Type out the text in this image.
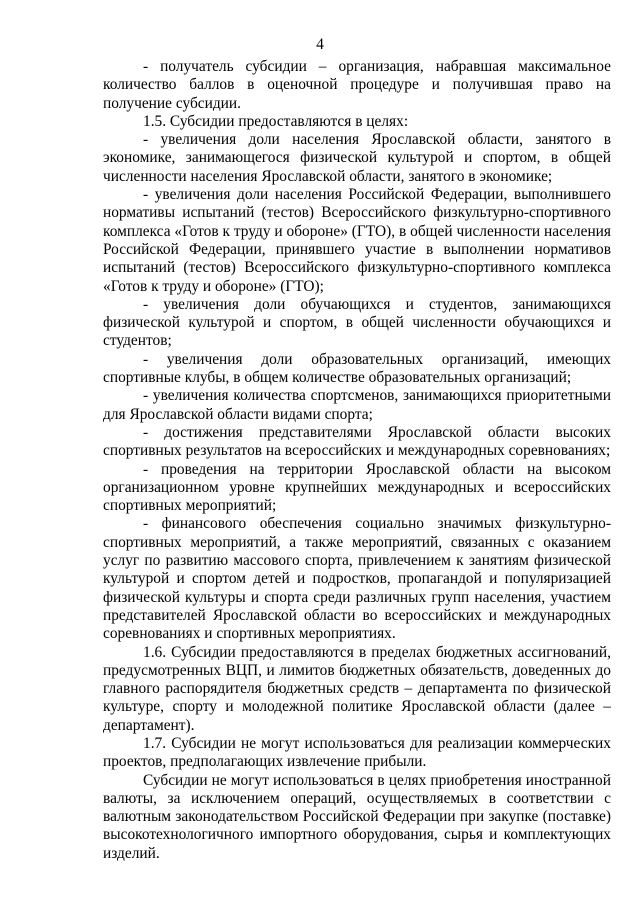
4

- получатель субсидии – организация, набравшая максимальное количество баллов в оценочной процедуре и получившая право на получение субсидии.

1.5. Субсидии предоставляются в целях:

- увеличения доли населения Ярославской области, занятого в экономике, занимающегося физической культурой и спортом, в общей численности населения Ярославской области, занятого в экономике;

- увеличения доли населения Российской Федерации, выполнившего нормативы испытаний (тестов) Всероссийского физкультурно-спортивного комплекса «Готов к труду и обороне» (ГТО), в общей численности населения Российской Федерации, принявшего участие в выполнении нормативов испытаний (тестов) Всероссийского физкультурно-спортивного комплекса «Готов к труду и обороне» (ГТО);

- увеличения доли обучающихся и студентов, занимающихся физической культурой и спортом, в общей численности обучающихся и студентов;

- увеличения доли образовательных организаций, имеющих спортивные клубы, в общем количестве образовательных организаций;

- увеличения количества спортсменов, занимающихся приоритетными для Ярославской области видами спорта;

- достижения представителями Ярославской области высоких спортивных результатов на всероссийских и международных соревнованиях;

- проведения на территории Ярославской области на высоком организационном уровне крупнейших международных и всероссийских спортивных мероприятий;

- финансового обеспечения социально значимых физкультурно-спортивных мероприятий, а также мероприятий, связанных с оказанием услуг по развитию массового спорта, привлечением к занятиям физической культурой и спортом детей и подростков, пропагандой и популяризацией физической культуры и спорта среди различных групп населения, участием представителей Ярославской области во всероссийских и международных соревнованиях и спортивных мероприятиях.

1.6. Субсидии предоставляются в пределах бюджетных ассигнований, предусмотренных ВЦП, и лимитов бюджетных обязательств, доведенных до главного распорядителя бюджетных средств – департамента по физической культуре, спорту и молодежной политике Ярославской области (далее – департамент).

1.7. Субсидии не могут использоваться для реализации коммерческих проектов, предполагающих извлечение прибыли.

Субсидии не могут использоваться в целях приобретения иностранной валюты, за исключением операций, осуществляемых в соответствии с валютным законодательством Российской Федерации при закупке (поставке) высокотехнологичного импортного оборудования, сырья и комплектующих изделий.
